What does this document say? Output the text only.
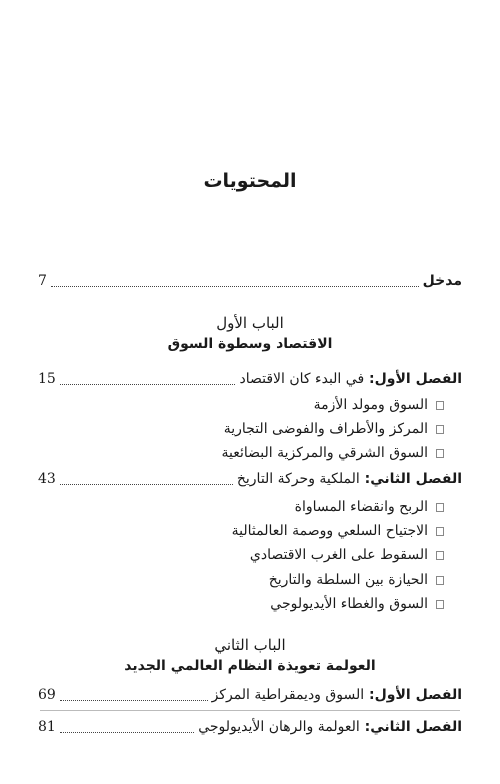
المحتويات
مدخل
7
الباب الأول
الاقتصاد وسطوة السوق
الفصل الأول: في البدء كان الاقتصاد
15
السوق ومولد الأزمة
المركز والأطراف والفوضى التجارية
السوق الشرقي والمركزية البضائعية
الفصل الثاني: الملكية وحركة التاريخ
43
الربح وانقضاء المساواة
الاجتياح السلعي ووصمة العالمثالية
السقوط على الغرب الاقتصادي
الحيازة بين السلطة والتاريخ
السوق والغطاء الأيديولوجي
الباب الثاني
العولمة تعويذة النظام العالمي الجديد
الفصل الأول: السوق وديمقراطية المركز
69
الفصل الثاني: العولمة والرهان الأيديولوجي
81
